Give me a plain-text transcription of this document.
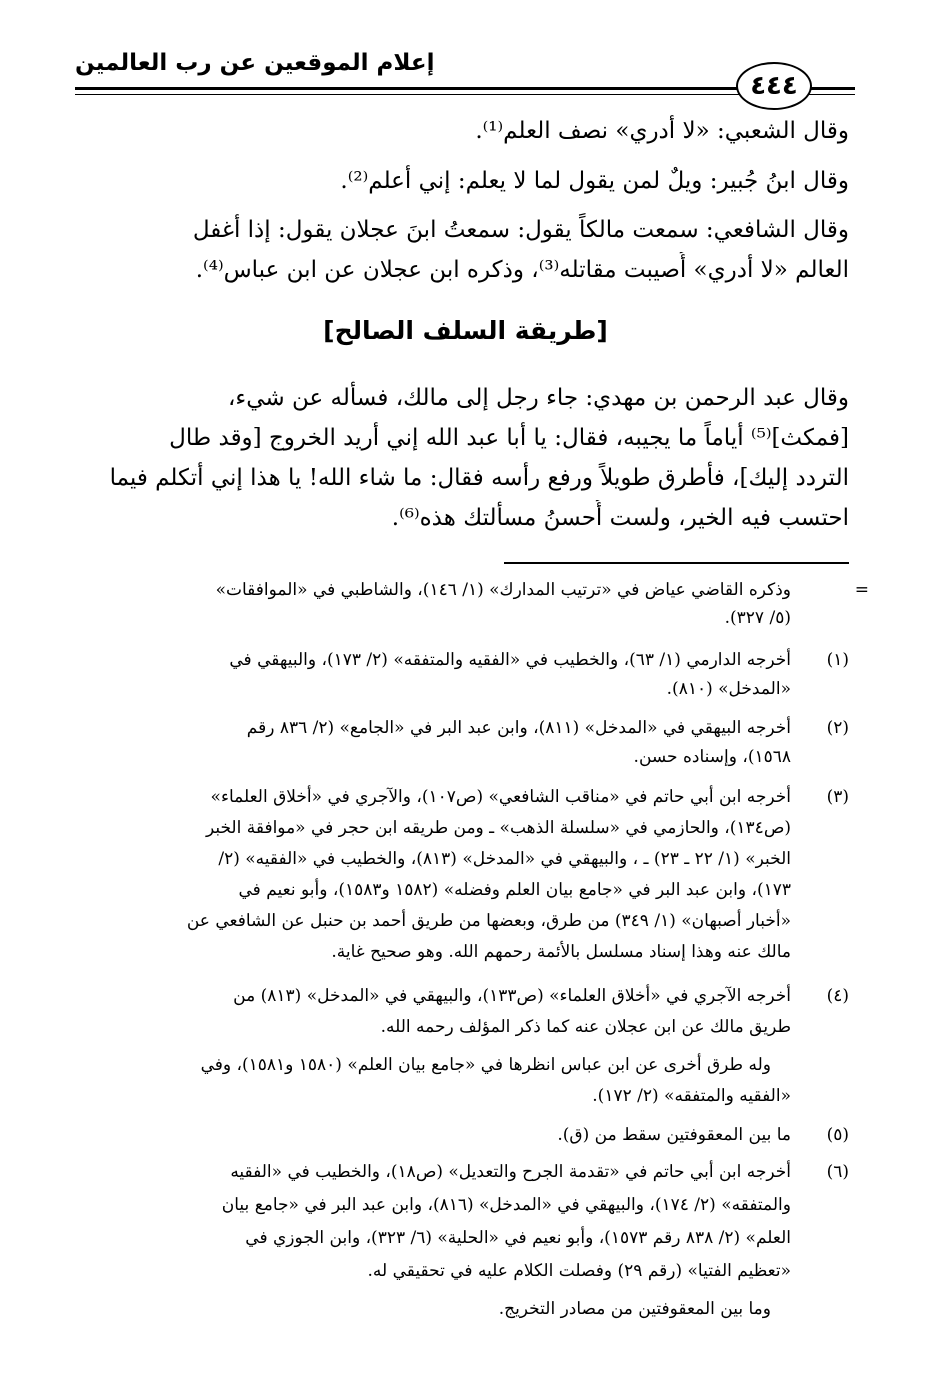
إعلام الموقعين عن رب العالمين
٤٤٤
وقال الشعبي: «لا أدري» نصف العلم⁽¹⁾.
وقال ابنُ جُبير: ويلٌ لمن يقول لما لا يعلم: إني أعلم⁽²⁾.
وقال الشافعي: سمعت مالكاً يقول: سمعتُ ابنَ عجلان يقول: إذا أغفل
العالم «لا أدري» أُصيبت مقاتله⁽³⁾، وذكره ابن عجلان عن ابن عباس⁽⁴⁾.
[طريقة السلف الصالح]
وقال عبد الرحمن بن مهدي: جاء رجل إلى مالك، فسأله عن شيء،
[فمكث]⁽⁵⁾ أياماً ما يجيبه، فقال: يا أبا عبد الله إني أريد الخروج [وقد طال
التردد إليك]، فأطرق طويلاً ورفع رأسه فقال: ما شاء الله! يا هذا إني أتكلم فيما
احتسب فيه الخير، ولست أُحسنُ مسألتك هذه⁽⁶⁾.
=
وذكره القاضي عياض في «ترتيب المدارك» (١/ ١٤٦)، والشاطبي في «الموافقات»
(٥/ ٣٢٧).
(١)
أخرجه الدارمي (١/ ٦٣)، والخطيب في «الفقيه والمتفقه» (٢/ ١٧٣)، والبيهقي في
«المدخل» (٨١٠).
(٢)
أخرجه البيهقي في «المدخل» (٨١١)، وابن عبد البر في «الجامع» (٢/ ٨٣٦ رقم
١٥٦٨)، وإسناده حسن.
(٣)
أخرجه ابن أبي حاتم في «مناقب الشافعي» (ص١٠٧)، والآجري في «أخلاق العلماء»
(ص١٣٤)، والحازمي في «سلسلة الذهب» ـ ومن طريقه ابن حجر في «موافقة الخبر
الخبر» (١/ ٢٢ ـ ٢٣) ـ ، والبيهقي في «المدخل» (٨١٣)، والخطيب في «الفقيه» (٢/
١٧٣)، وابن عبد البر في «جامع بيان العلم وفضله» (١٥٨٢ و١٥٨٣)، وأبو نعيم في
«أخبار أصبهان» (١/ ٣٤٩) من طرق، وبعضها من طريق أحمد بن حنبل عن الشافعي عن
مالك عنه وهذا إسناد مسلسل بالأئمة رحمهم الله. وهو صحيح غاية.
(٤)
أخرجه الآجري في «أخلاق العلماء» (ص١٣٣)، والبيهقي في «المدخل» (٨١٣) من
طريق مالك عن ابن عجلان عنه كما ذكر المؤلف رحمه الله.
وله طرق أخرى عن ابن عباس انظرها في «جامع بيان العلم» (١٥٨٠ و١٥٨١)، وفي
«الفقيه والمتفقه» (٢/ ١٧٢).
(٥)
ما بين المعقوفتين سقط من (ق).
(٦)
أخرجه ابن أبي حاتم في «تقدمة الجرح والتعديل» (ص١٨)، والخطيب في «الفقيه
والمتفقه» (٢/ ١٧٤)، والبيهقي في «المدخل» (٨١٦)، وابن عبد البر في «جامع بيان
العلم» (٢/ ٨٣٨ رقم ١٥٧٣)، وأبو نعيم في «الحلية» (٦/ ٣٢٣)، وابن الجوزي في
«تعظيم الفتيا» (رقم ٢٩) وفصلت الكلام عليه في تحقيقي له.
وما بين المعقوفتين من مصادر التخريج.
